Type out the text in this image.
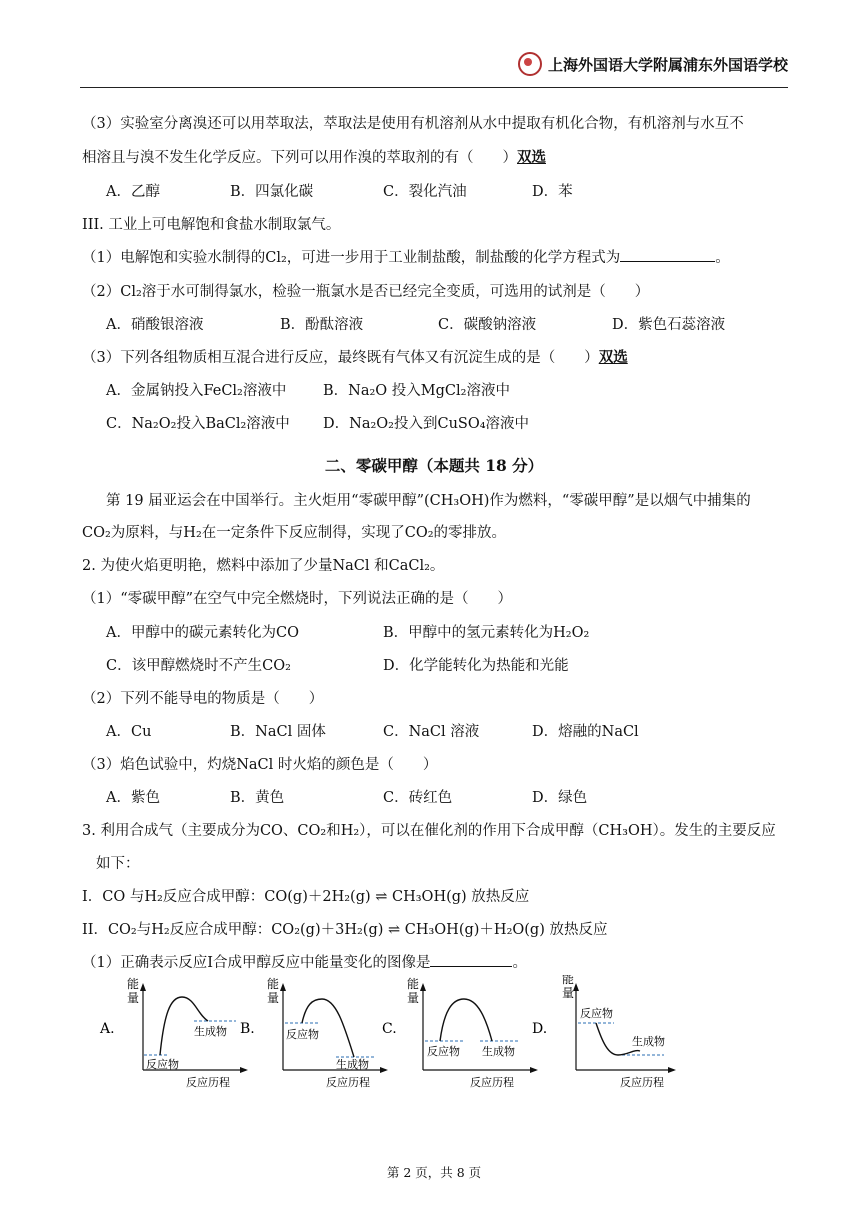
上海外国语大学附属浦东外国语学校
（3）实验室分离溴还可以用萃取法，萃取法是使用有机溶剂从水中提取有机化合物，有机溶剂与水互不
相溶且与溴不发生化学反应。下列可以用作溴的萃取剂的有（　　）双选
A．乙醇	B．四氯化碳	C．裂化汽油	D．苯
III. 工业上可电解饱和食盐水制取氯气。
（1）电解饱和实验水制得的Cl₂，可进一步用于工业制盐酸，制盐酸的化学方程式为	。
（2）Cl₂溶于水可制得氯水，检验一瓶氯水是否已经完全变质，可选用的试剂是（　　）
A．硝酸银溶液	B．酚酞溶液	C．碳酸钠溶液	D．紫色石蕊溶液
（3）下列各组物质相互混合进行反应，最终既有气体又有沉淀生成的是（　　）双选
A．金属钠投入FeCl₂溶液中	B．Na₂O 投入MgCl₂溶液中
C．Na₂O₂投入BaCl₂溶液中 D．Na₂O₂投入到CuSO₄溶液中
二、零碳甲醇（本题共 18 分）
第 19 届亚运会在中国举行。主火炬用“零碳甲醇”(CH₃OH)作为燃料，“零碳甲醇”是以烟气中捕集的
CO₂为原料，与H₂在一定条件下反应制得，实现了CO₂的零排放。
2. 为使火焰更明艳，燃料中添加了少量NaCl 和CaCl₂。
（1）“零碳甲醇”在空气中完全燃烧时，下列说法正确的是（　　）
A．甲醇中的碳元素转化为CO	B．甲醇中的氢元素转化为H₂O₂
C．该甲醇燃烧时不产生CO₂	D．化学能转化为热能和光能
（2）下列不能导电的物质是（　　）
A．Cu	B．NaCl 固体	C．NaCl 溶液	D．熔融的NaCl
（3）焰色试验中，灼烧NaCl 时火焰的颜色是（　　）
A．紫色	B．黄色	C．砖红色	D．绿色
3. 利用合成气（主要成分为CO、CO₂和H₂），可以在催化剂的作用下合成甲醇（CH₃OH）。发生的主要反应
如下：
I．CO 与H₂反应合成甲醇：CO(g)＋2H₂(g) ⇌ CH₃OH(g) 放热反应
II．CO₂与H₂反应合成甲醇：CO₂(g)＋3H₂(g) ⇌ CH₃OH(g)＋H₂O(g) 放热反应
（1）正确表示反应I合成甲醇反应中能量变化的图像是	。
A.
能
量
反应物
生成物
反应历程
B.
能
量
反应物
生成物
反应历程
C.
能
量
反应物 生成物
反应历程
D.
能
量
反应物
生成物
反应历程
第 2 页，共 8 页
